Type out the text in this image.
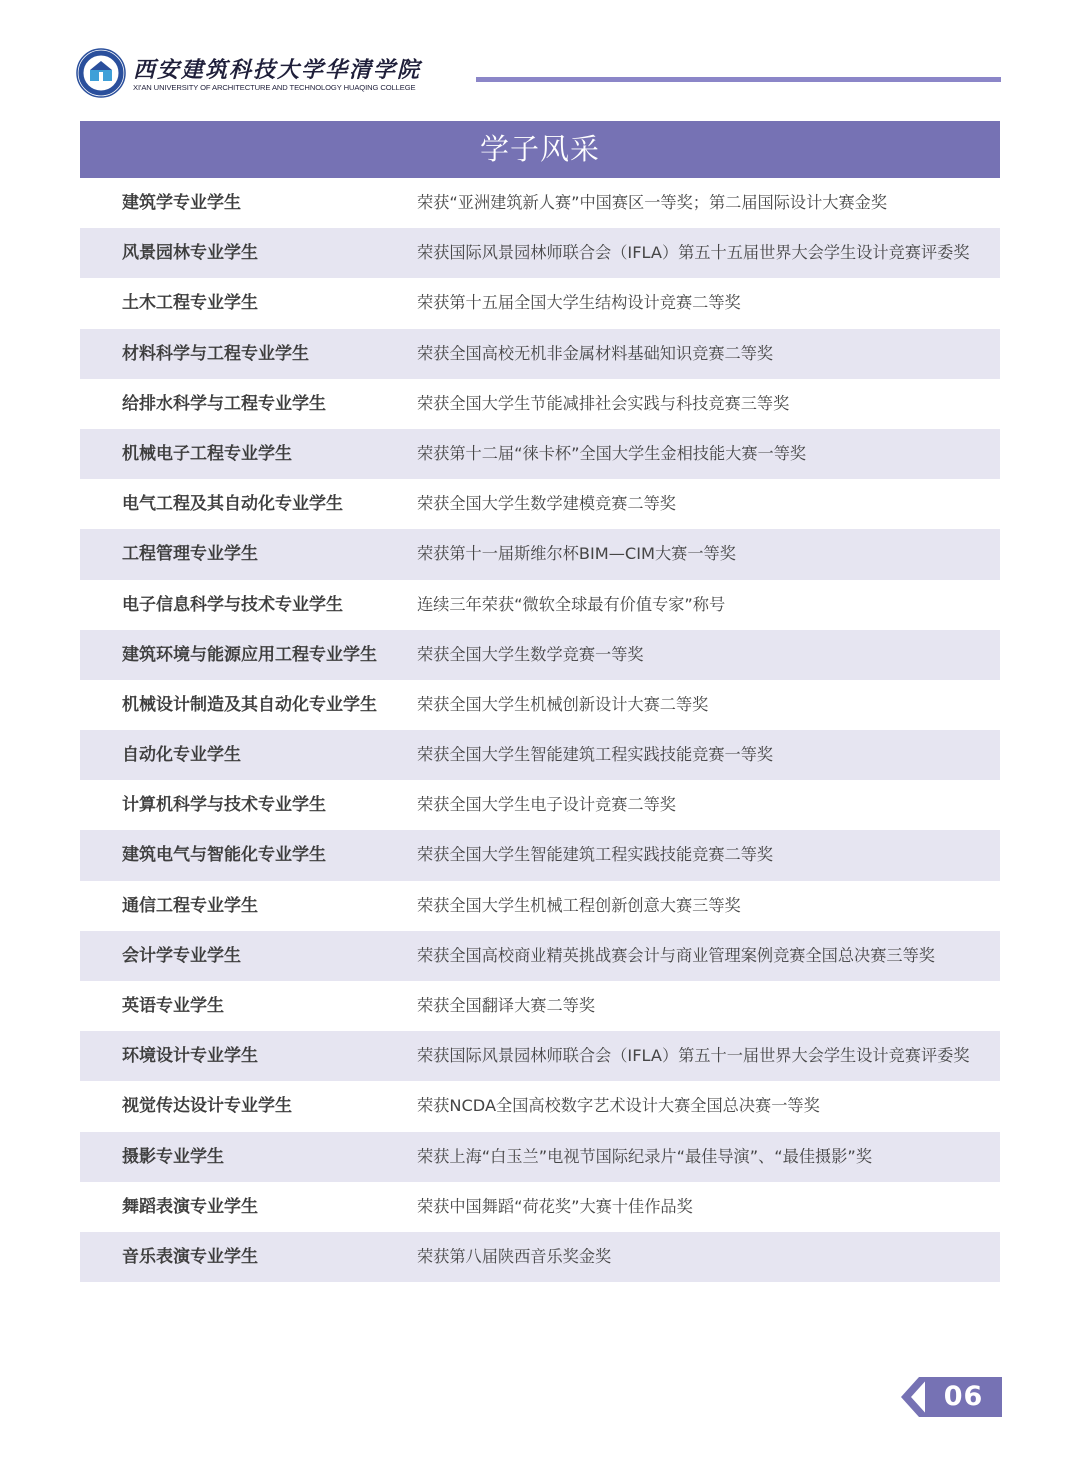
西安建筑科技大学华清学院
XI'AN UNIVERSITY OF ARCHITECTURE AND TECHNOLOGY HUAQING COLLEGE
学子风采
建筑学专业学生	荣获“亚洲建筑新人赛”中国赛区一等奖；第二届国际设计大赛金奖
风景园林专业学生	荣获国际风景园林师联合会（IFLA）第五十五届世界大会学生设计竞赛评委奖
土木工程专业学生	荣获第十五届全国大学生结构设计竞赛二等奖
材料科学与工程专业学生	荣获全国高校无机非金属材料基础知识竞赛二等奖
给排水科学与工程专业学生	荣获全国大学生节能减排社会实践与科技竞赛三等奖
机械电子工程专业学生	荣获第十二届“徕卡杯”全国大学生金相技能大赛一等奖
电气工程及其自动化专业学生	荣获全国大学生数学建模竞赛二等奖
工程管理专业学生	荣获第十一届斯维尔杯BIM—CIM大赛一等奖
电子信息科学与技术专业学生	连续三年荣获“微软全球最有价值专家”称号
建筑环境与能源应用工程专业学生 荣获全国大学生数学竞赛一等奖
机械设计制造及其自动化专业学生 荣获全国大学生机械创新设计大赛二等奖
自动化专业学生	荣获全国大学生智能建筑工程实践技能竞赛一等奖
计算机科学与技术专业学生	荣获全国大学生电子设计竞赛二等奖
建筑电气与智能化专业学生	荣获全国大学生智能建筑工程实践技能竞赛二等奖
通信工程专业学生	荣获全国大学生机械工程创新创意大赛三等奖
会计学专业学生	荣获全国高校商业精英挑战赛会计与商业管理案例竞赛全国总决赛三等奖
英语专业学生	荣获全国翻译大赛二等奖
环境设计专业学生	荣获国际风景园林师联合会（IFLA）第五十一届世界大会学生设计竞赛评委奖
视觉传达设计专业学生	荣获NCDA全国高校数字艺术设计大赛全国总决赛一等奖
摄影专业学生	荣获上海“白玉兰”电视节国际纪录片“最佳导演”、“最佳摄影”奖
舞蹈表演专业学生	荣获中国舞蹈“荷花奖”大赛十佳作品奖
音乐表演专业学生	荣获第八届陕西音乐奖金奖
06
